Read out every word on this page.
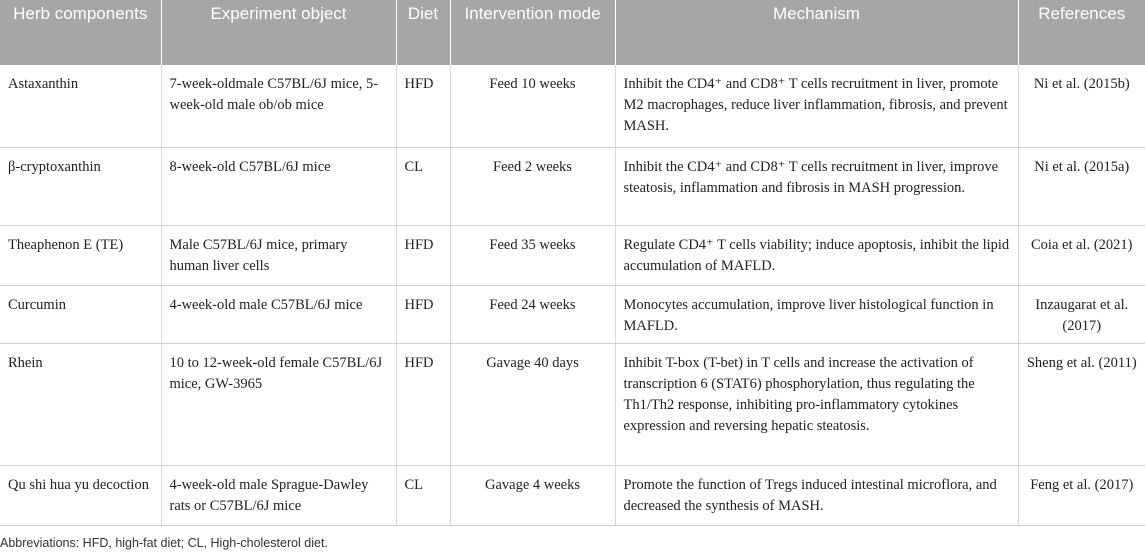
Herb components	Experiment object	Diet	Intervention mode	Mechanism	References
Astaxanthin	7-week-oldmale C57BL/6J mice, 5-week-old male ob/ob mice	HFD	Feed 10 weeks	Inhibit the CD4⁺ and CD8⁺ T cells recruitment in liver, promote M2 macrophages, reduce liver inflammation, fibrosis, and prevent MASH.	Ni et al. (2015b)
β-cryptoxanthin	8-week-old C57BL/6J mice	CL	Feed 2 weeks	Inhibit the CD4⁺ and CD8⁺ T cells recruitment in liver, improve steatosis, inflammation and fibrosis in MASH progression.	Ni et al. (2015a)
Theaphenon E (TE)	Male C57BL/6J mice, primary human liver cells	HFD	Feed 35 weeks	Regulate CD4⁺ T cells viability; induce apoptosis, inhibit the lipid accumulation of MAFLD.	Coia et al. (2021)
Curcumin	4-week-old male C57BL/6J mice	HFD	Feed 24 weeks	Monocytes accumulation, improve liver histological function in MAFLD.	Inzaugarat et al. (2017)
Rhein	10 to 12-week-old female C57BL/6J mice, GW-3965	HFD	Gavage 40 days	Inhibit T-box (T-bet) in T cells and increase the activation of transcription 6 (STAT6) phosphorylation, thus regulating the Th1/Th2 response, inhibiting pro-inflammatory cytokines expression and reversing hepatic steatosis.	Sheng et al. (2011)
Qu shi hua yu decoction	4-week-old male Sprague-Dawley rats or C57BL/6J mice	CL	Gavage 4 weeks	Promote the function of Tregs induced intestinal microflora, and decreased the synthesis of MASH.	Feng et al. (2017)
Abbreviations: HFD, high-fat diet; CL, High-cholesterol diet.
